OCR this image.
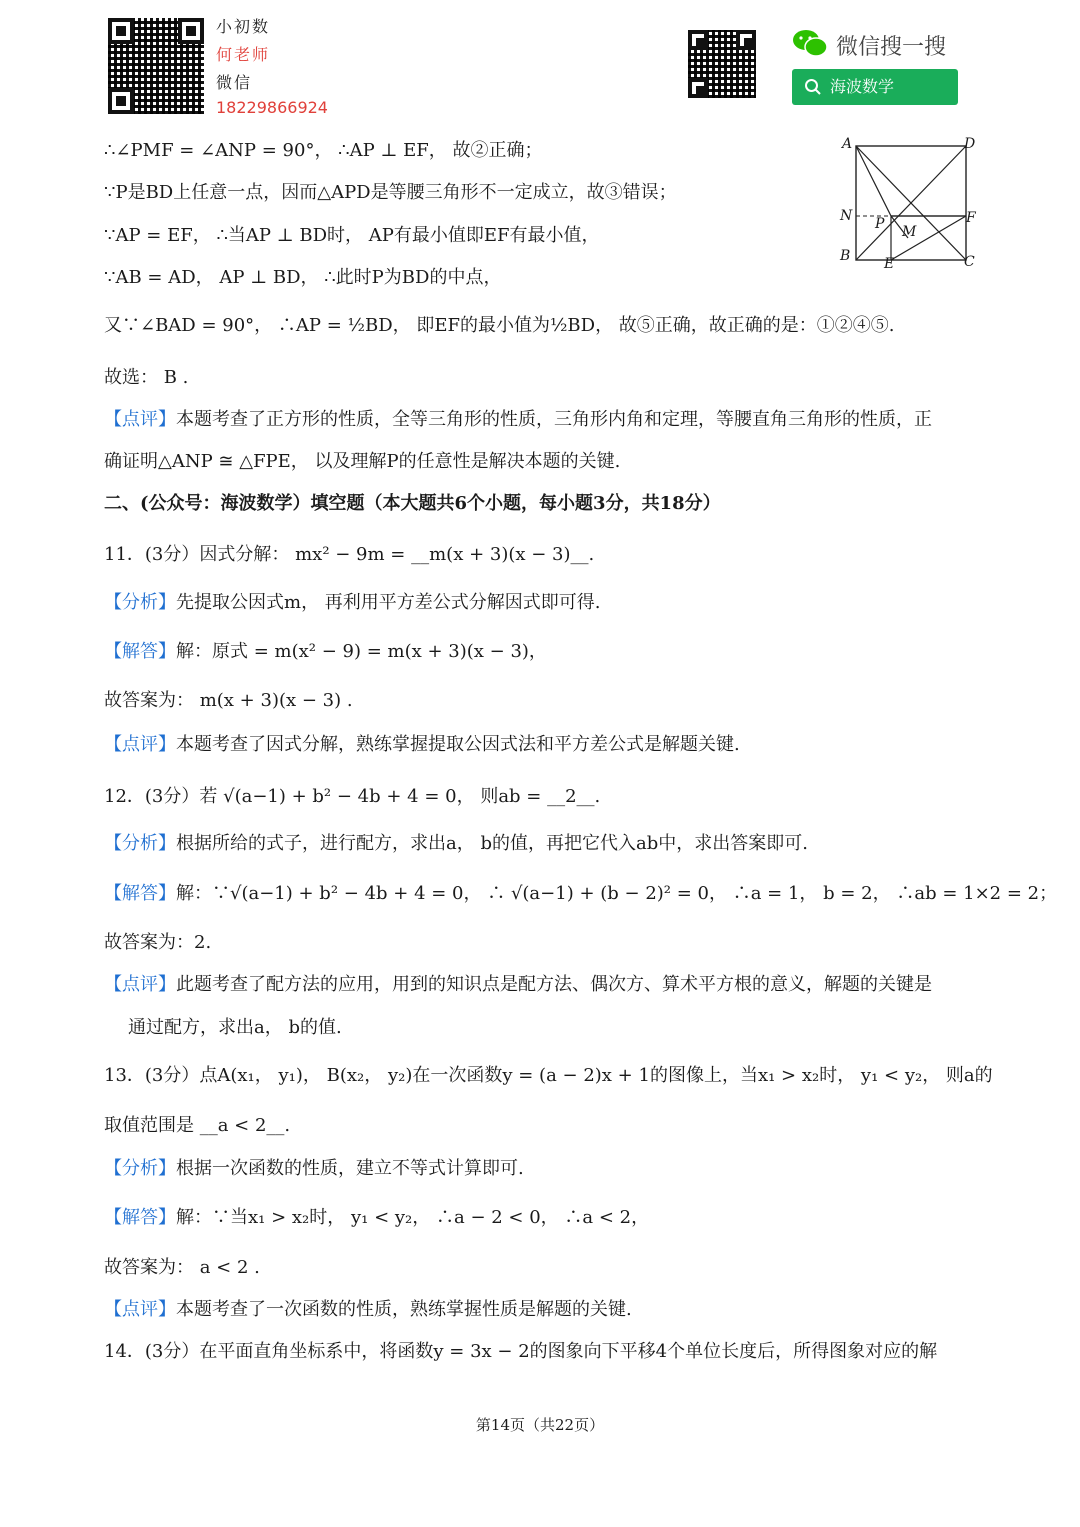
小初数
何老师
微信
18229866924
微信搜一搜
海波数学
A	D
N P M
F
B E	C
∴∠PMF = ∠ANP = 90°， ∴AP ⊥ EF， 故②正确；
∵P是BD上任意一点，因而△APD是等腰三角形不一定成立，故③错误；
∵AP = EF， ∴当AP ⊥ BD时， AP有最小值即EF有最小值，
∵AB = AD， AP ⊥ BD， ∴此时P为BD的中点，
又∵∠BAD = 90°， ∴AP = ½BD， 即EF的最小值为½BD， 故⑤正确，故正确的是：①②④⑤.
故选： B .
【点评】本题考查了正方形的性质，全等三角形的性质，三角形内角和定理，等腰直角三角形的性质，正
确证明△ANP ≅ △FPE， 以及理解P的任意性是解决本题的关键.
二、(公众号：海波数学）填空题（本大题共6个小题，每小题3分，共18分）
11．(3分）因式分解： mx² − 9m = __m(x + 3)(x − 3)__.
【分析】先提取公因式m， 再利用平方差公式分解因式即可得.
【解答】解：原式 = m(x² − 9) = m(x + 3)(x − 3)，
故答案为： m(x + 3)(x − 3) .
【点评】本题考查了因式分解，熟练掌握提取公因式法和平方差公式是解题关键.
12．(3分）若 √(a−1) + b² − 4b + 4 = 0， 则ab = __2__.
【分析】根据所给的式子，进行配方，求出a， b的值，再把它代入ab中，求出答案即可.
【解答】解：∵√(a−1) + b² − 4b + 4 = 0， ∴ √(a−1) + (b − 2)² = 0， ∴a = 1， b = 2， ∴ab = 1×2 = 2；
故答案为：2.
【点评】此题考查了配方法的应用，用到的知识点是配方法、偶次方、算术平方根的意义，解题的关键是
通过配方，求出a， b的值.
13．(3分）点A(x₁， y₁)， B(x₂， y₂)在一次函数y = (a − 2)x + 1的图像上，当x₁ > x₂时， y₁ < y₂， 则a的
取值范围是 __a < 2__.
【分析】根据一次函数的性质，建立不等式计算即可.
【解答】解：∵当x₁ > x₂时， y₁ < y₂， ∴a − 2 < 0， ∴a < 2，
故答案为： a < 2 .
【点评】本题考查了一次函数的性质，熟练掌握性质是解题的关键.
14．(3分）在平面直角坐标系中，将函数y = 3x − 2的图象向下平移4个单位长度后，所得图象对应的解
第14页（共22页）
